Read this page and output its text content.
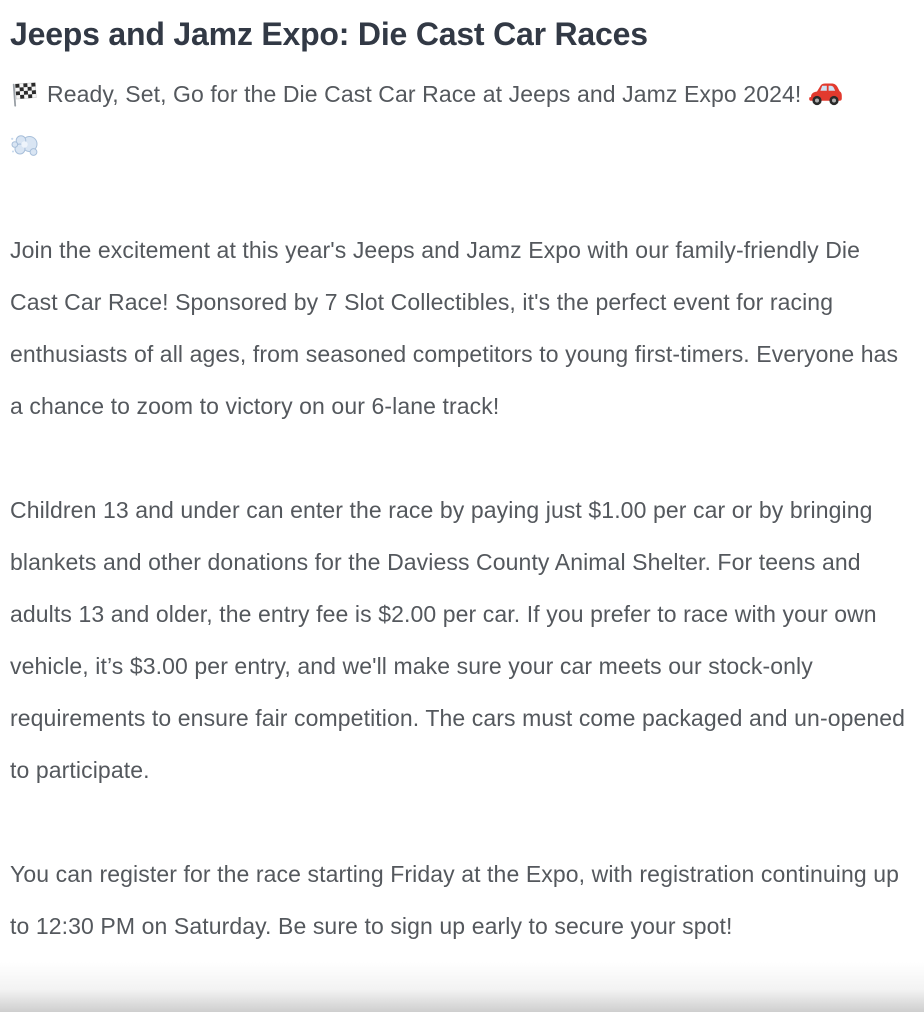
Jeeps and Jamz Expo: Die Cast Car Races

Ready, Set, Go for the Die Cast Car Race at Jeeps and Jamz Expo 2024!

Join the excitement at this year's Jeeps and Jamz Expo with our family-friendly Die Cast Car Race! Sponsored by 7 Slot Collectibles, it's the perfect event for racing enthusiasts of all ages, from seasoned competitors to young first-timers. Everyone has a chance to zoom to victory on our 6-lane track!

Children 13 and under can enter the race by paying just $1.00 per car or by bringing blankets and other donations for the Daviess County Animal Shelter. For teens and adults 13 and older, the entry fee is $2.00 per car. If you prefer to race with your own vehicle, it’s $3.00 per entry, and we'll make sure your car meets our stock-only requirements to ensure fair competition. The cars must come packaged and un-opened to participate.

You can register for the race starting Friday at the Expo, with registration continuing up to 12:30 PM on Saturday. Be sure to sign up early to secure your spot!
